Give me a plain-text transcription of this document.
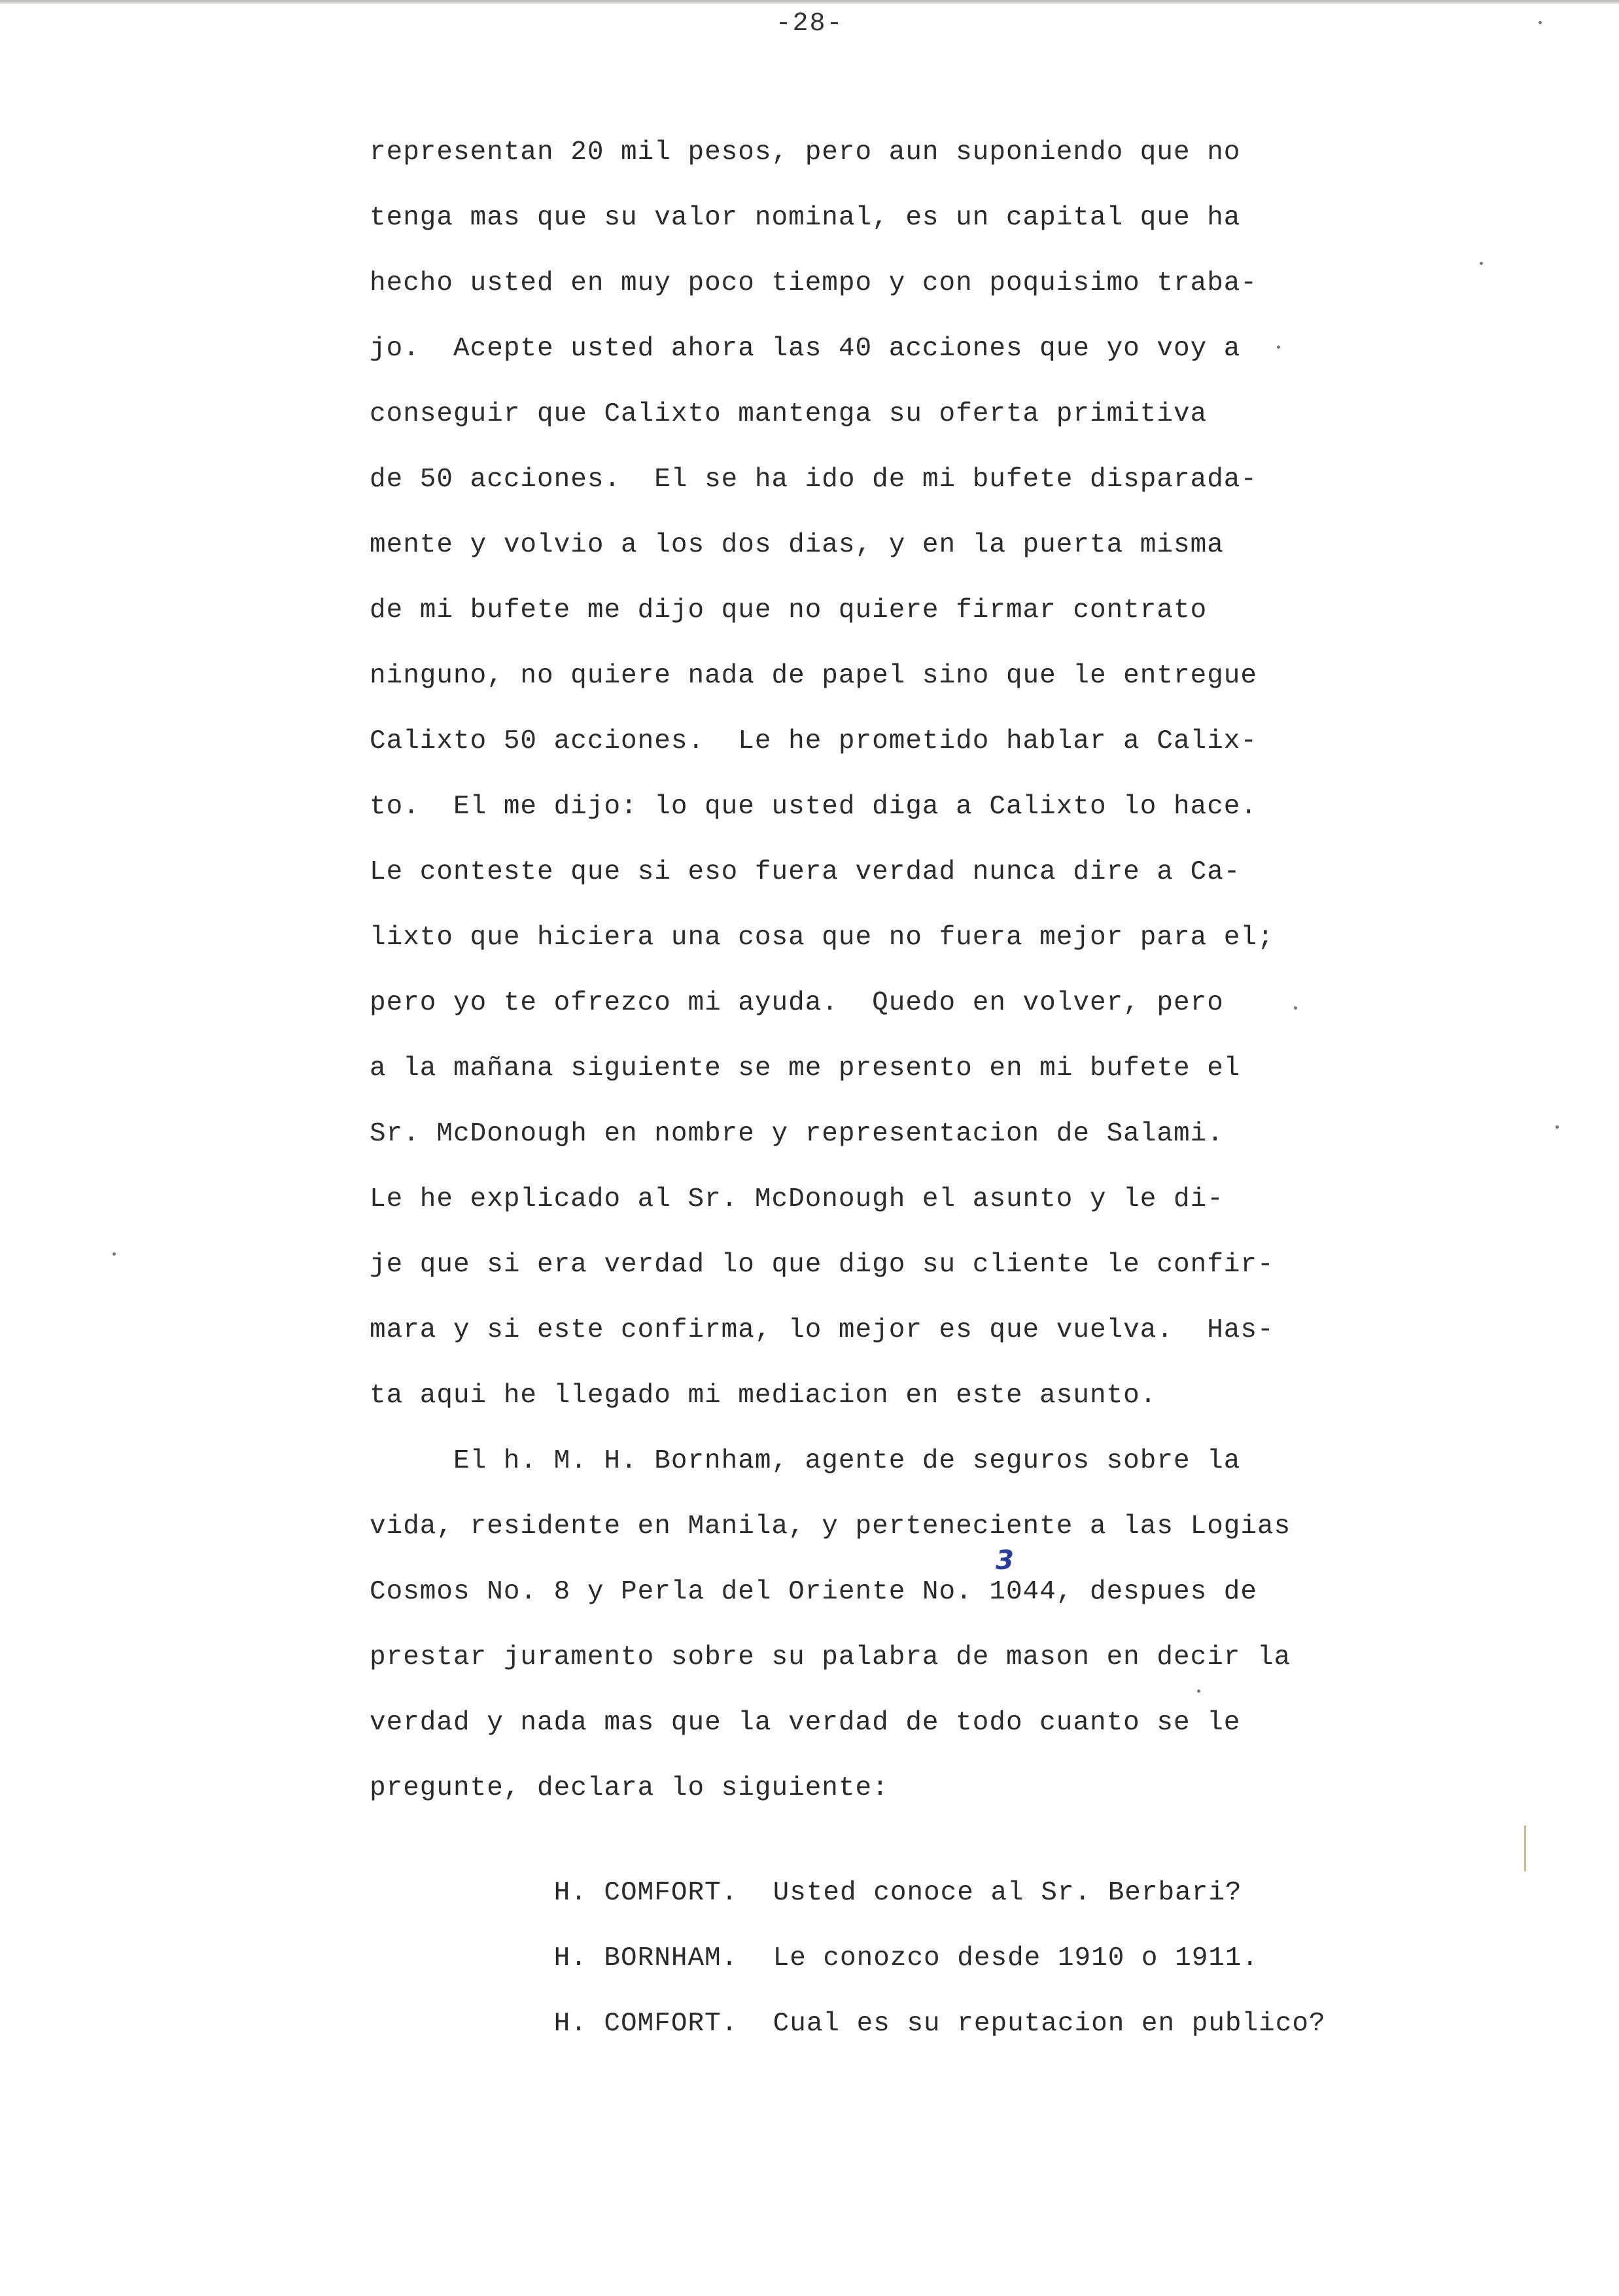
-28-
representan 20 mil pesos, pero aun suponiendo que no
tenga mas que su valor nominal, es un capital que ha
hecho usted en muy poco tiempo y con poquisimo traba-
jo.  Acepte usted ahora las 40 acciones que yo voy a
conseguir que Calixto mantenga su oferta primitiva
de 50 acciones.  El se ha ido de mi bufete disparada-
mente y volvio a los dos dias, y en la puerta misma
de mi bufete me dijo que no quiere firmar contrato
ninguno, no quiere nada de papel sino que le entregue
Calixto 50 acciones.  Le he prometido hablar a Calix-
to.  El me dijo: lo que usted diga a Calixto lo hace.
Le conteste que si eso fuera verdad nunca dire a Ca-
lixto que hiciera una cosa que no fuera mejor para el;
pero yo te ofrezco mi ayuda.  Quedo en volver, pero
a la mañana siguiente se me presento en mi bufete el
Sr. McDonough en nombre y representacion de Salami.
Le he explicado al Sr. McDonough el asunto y le di-
je que si era verdad lo que digo su cliente le confir-
mara y si este confirma, lo mejor es que vuelva.  Has-
ta aqui he llegado mi mediacion en este asunto.
El h. M. H. Bornham, agente de seguros sobre la
vida, residente en Manila, y perteneciente a las Logias
Cosmos No. 8 y Perla del Oriente No. 1044, despues de
prestar juramento sobre su palabra de mason en decir la
verdad y nada mas que la verdad de todo cuanto se le
pregunte, declara lo siguiente:

H. COMFORT. Usted conoce al Sr. Berbari?

H. BORNHAM. Le conozco desde 1910 o 1911.

H. COMFORT. Cual es su reputacion en publico?

3
